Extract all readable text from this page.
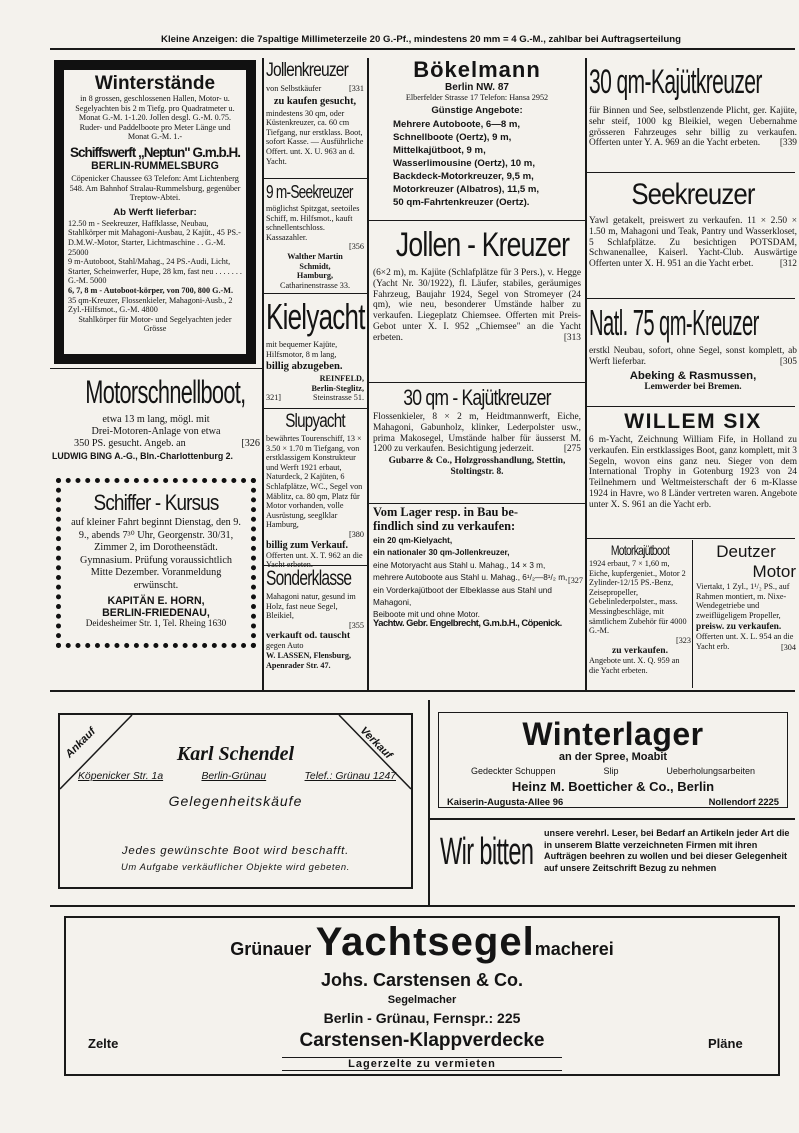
Kleine Anzeigen: die 7spaltige Millimeterzeile 20 G.-Pf., mindestens 20 mm = 4 G.-M., zahlbar bei Auftragserteilung
Winterstände

in 8 grossen, geschlossenen Hallen, Motor- u. Segelyachten bis 2 m Tiefg. pro Quadratmeter u. Monat G.-M. 1-1.20. Jollen desgl. G.-M. 0.75. Ruder- und Paddelboote pro Meter Länge und Monat G.-M. 1.-

Schiffswerft „Neptun" G.m.b.H.
BERLIN-RUMMELSBURG

Cöpenicker Chaussee 63 Telefon: Amt Lichtenberg 548. Am Bahnhof Stralau-Rummelsburg, gegenüber Treptow-Abtei.

Ab Werft lieferbar:

12.50 m - Seekreuzer, Haffklasse, Neubau, Stahlkörper mit Mahagoni-Ausbau, 2 Kajüt., 45 PS.-D.M.W.-Motor, Starter, Lichtmaschine . . G.-M. 25000

9 m-Autoboot, Stahl/Mahag., 24 PS.-Audi, Licht, Starter, Scheinwerfer, Hupe, 28 km, fast neu . . . . . . . G.-M. 5000

6, 7, 8 m - Autoboot-körper, von 700, 800 G.-M.

35 qm-Kreuzer, Flossenkieler, Mahagoni-Ausb., 2 Zyl.-Hilfsmot., G.-M. 4800

Stahlkörper für Motor- und Segelyachten jeder Grösse

Jollenkreuzer
von Selbstkäufer	[331
zu kaufen gesucht,

mindestens 30 qm, oder Küstenkreuzer, ca. 60 cm Tiefgang, nur erstklass. Boot, sofort Kasse. — Ausführliche Offert. unt. X. U. 963 an d. Yacht.

9 m-Seekreuzer

möglichst Spitzgat, seetoiles Schiff, m. Hilfsmot., kauft schnellentschloss. Kassazahler.

[356
Walther Martin
Schmidt,
Hamburg,
Catharinenstrasse 33.
Kielyacht

mit bequemer Kajüte, Hilfsmotor, 8 m lang,

billig abzugeben.
REINFELD,
Berlin-Steglitz,
321]	Steinstrasse 51.
Slupyacht

bewährtes Tourenschiff, 13 × 3.50 × 1.70 m Tiefgang, von erstklassigem Konstrukteur und Werft 1921 erbaut, Naturdeck, 2 Kajüten, 6 Schlafplätze, WC., Segel von Mäblitz, ca. 80 qm, Platz für Motor vorhanden, volle Ausrüstung, seeglklar Hamburg,

[380
billig zum Verkauf.

Offerten unt. X. T. 962 an die

Sonderklasse

Mahagoni natur, gesund im Holz, fast neue Segel, Bleikiel,

[355
verkauft od. tauscht
gegen Auto

W. LASSEN, Flensburg, Apenrader Str. 47.

Bökelmann
Berlin NW. 87
Elberfelder Strasse 17 Telefon: Hansa 2952
Günstige Angebote:
Mehrere Autoboote, 6—8 m,
Schnellboote (Oertz), 9 m,
Mittelkajütboot, 9 m,
Wasserlimousine (Oertz), 10 m,
Backdeck-Motorkreuzer, 9,5 m,
Motorkreuzer (Albatros), 11,5 m,
50 qm-Fahrtenkreuzer (Oertz).
Jollen - Kreuzer

(6×2 m), m. Kajüte (Schlafplätze für 3 Pers.), v. Hegge (Yacht Nr. 30/1922), fl. Läufer, stabiles, geräumiges Fahrzeug, Baujahr 1924, Segel von Stromeyer (24 qm), wie neu, besonderer Umstände halber zu verkaufen. Liegeplatz Chiemsee. Offerten mit Preis-Gebot unter X. I. 952 „Chiemsee" an die Yacht erbeten.	[313
30 qm - Kajütkreuzer

Flossenkieler, 8 × 2 m, Heidtmannwerft, Eiche, Mahagoni, Gabunholz, klinker, Lederpolster usw., prima Makosegel, Umstände halber für äusserst M. 1200 zu verkaufen. Besichtigung jederzeit.	[275

Gubarre & Co., Holzgrosshandlung, Stettin, Stoltingstr. 8.

Vom Lager resp. in Bau be-
findlich sind zu verkaufen:
ein 20 qm-Kielyacht,
ein nationaler 30 qm-Jollenkreuzer,
eine Motoryacht aus Stahl u. Mahag., 14 × 3 m,
mehrere Autoboote aus Stahl u. Mahag., 6¹/₂—8¹/₂ m,
ein Vorderkajütboot der Elbeklasse aus Stahl und Mahagoni,
Beiboote mit und ohne Motor.
[327
Yachtw. Gebr. Engelbrecht, G.m.b.H., Cöpenick.
30 qm-Kajütkreuzer

für Binnen und See, selbstlenzende Plicht, ger. Kajüte, sehr steif, 1000 kg Bleikiel, wegen Uebernahme grösseren Fahrzeuges sehr billig zu verkaufen. Offerten unter Y. A. 969 an die Yacht erbeten.	[339
Seekreuzer

Yawl getakelt, preiswert zu verkaufen. 11 × 2.50 × 1.50 m, Mahagoni und Teak, Pantry und Wasserkloset, 5 Schlafplätze. Zu besichtigen POTSDAM, Schwanenallee, Kaiserl. Yacht-Club. Auswärtige Offerten unter X. H. 951 an die Yacht erbet.	[312
Natl. 75 qm-Kreuzer

erstkl Neubau, sofort, ohne Segel, sonst komplett, ab Werft lieferbar.	[305
Abeking & Rasmussen,
Lemwerder bei Bremen.
WILLEM SIX

6 m-Yacht, Zeichnung William Fife, in Holland zu verkaufen. Ein erstklassiges Boot, ganz komplett, mit 3 Segeln, wovon eins ganz neu. Sieger von dem International Trophy in Gotenburg 1923 von 24 Teilnehmern und Weltmeisterschaft der 6 m-Klasse 1924 in Havre, wo 8 Länder vertreten waren. Angebote unter X. S. 961 an die Yacht erb.

Motorkajütboot

1924 erbaut, 7 × 1,60 m, Eiche, kupfergeniet., Motor 2 Zylinder-12/15 PS.-Benz, Zeisepropeller, Gebelinlederpolster., mass. Messingbeschläge, mit sämtlichem Zubehör für 4000 G.-M.

[323
zu verkaufen.

Angebote unt. X. Q. 959 an die Yacht erbeten.

Deutzer
Motor

Viertakt, 1 Zyl., 1¹/₂ PS., auf Rahmen montiert, m. Nixe-Wendegetriebe und zweiflügeligem Propeller,

preisw. zu verkaufen.

Offerten unt. X. L. 954 an die Yacht erb.	[304
Motorschnellboot,
etwa 13 m lang, mögl. mit
Drei-Motoren-Anlage von etwa
350 PS. gesucht. Angeb. an	[326
LUDWIG BING A.-G., Bln.-Charlottenburg 2.
Schiffer - Kursus

auf kleiner Fahrt beginnt Dienstag, den 9. 9., abends 7³⁰ Uhr, Georgenstr. 30/31, Zimmer 2, im Dorotheenstädt. Gymnasium. Prüfung voraussichtlich Mitte Dezember. Voranmeldung erwünscht.

KAPITÄN E. HORN,
BERLIN-FRIEDENAU,
Deidesheimer Str. 1, Tel. Rheing 1630
Ankauf	Verkauf
Karl Schendel
Köpenicker Str. 1a	Berlin-Grünau	Telef.: Grünau 1247
Gelegenheitskäufe
Jedes gewünschte Boot wird beschafft.
Um Aufgabe verkäuflicher Objekte wird gebeten.
Winterlager
an der Spree, Moabit
Gedeckter Schuppen	Slip	Ueberholungsarbeiten
Heinz M. Boetticher & Co., Berlin
Kaiserin-Augusta-Allee 96	Nollendorf 2225
Wir bitten unsere verehrl. Leser, bei Bedarf an Artikeln jeder Art die in unserem Blatte verzeichneten Firmen mit ihren Aufträgen beehren zu wollen und bei dieser Gelegenheit auf unsere Zeitschrift Bezug zu nehmen

Grünauer Yachtsegelmacherei
Johs. Carstensen & Co.
Segelmacher
Berlin - Grünau, Fernspr.: 225
Zelte	Carstensen-Klappverdecke	Pläne
Lagerzelte zu vermieten
